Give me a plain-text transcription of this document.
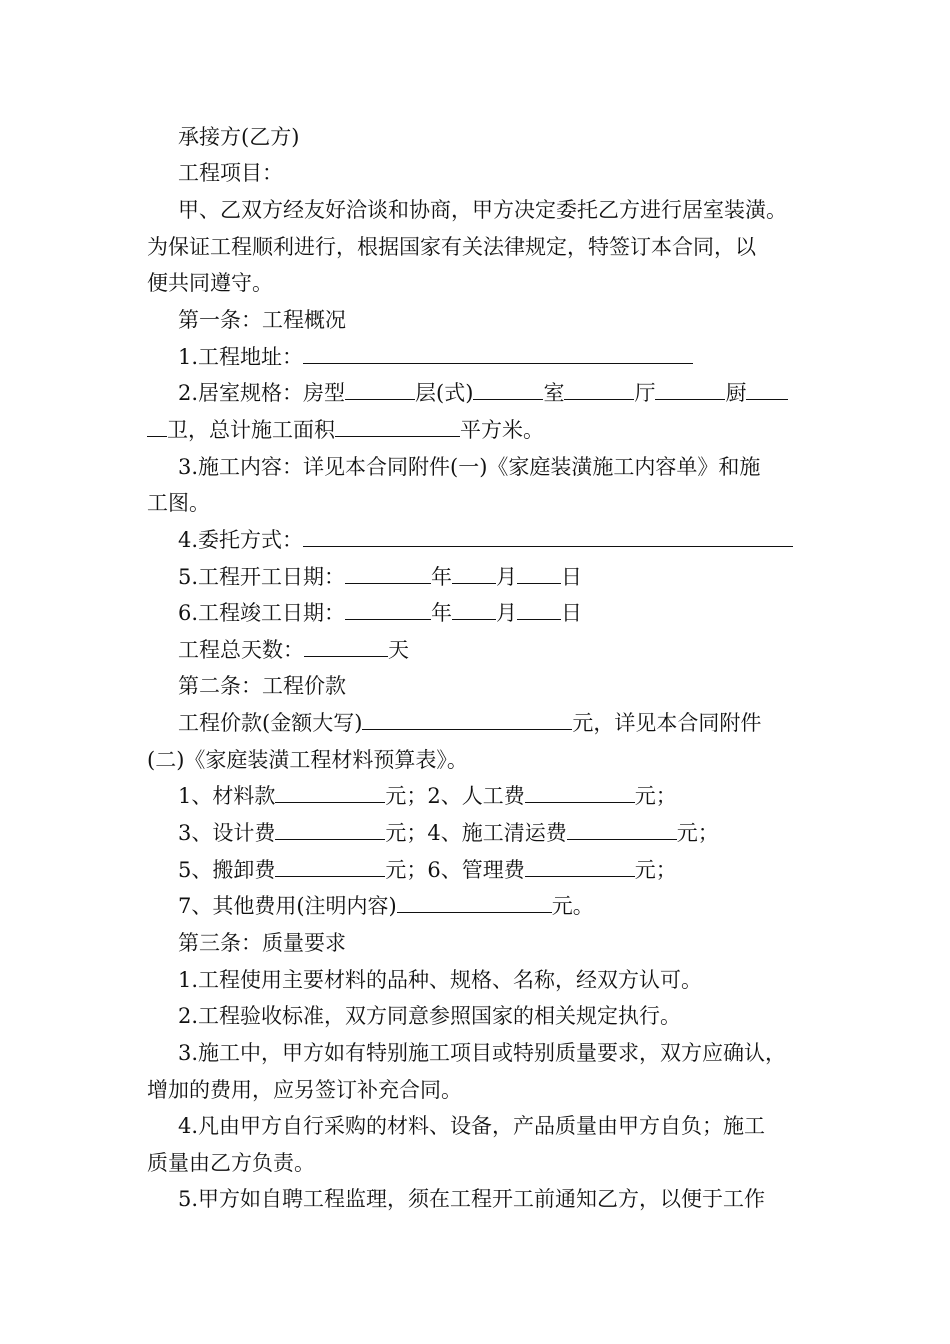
承接方(乙方)
工程项目：
甲、乙双方经友好洽谈和协商，甲方决定委托乙方进行居室装潢。
为保证工程顺利进行，根据国家有关法律规定，特签订本合同，以
便共同遵守。
第一条：工程概况
1.工程地址：
2.居室规格：房型	层(式)	室	厅	厨
卫，总计施工面积	平方米。
3.施工内容：详见本合同附件(一)《家庭装潢施工内容单》和施
工图。
4.委托方式：
5.工程开工日期：	年 月 日
6.工程竣工日期：	年 月 日
工程总天数：	天
第二条：工程价款
工程价款(金额大写)	元，详见本合同附件
(二)《家庭装潢工程材料预算表》。
1、材料款	元；2、人工费	元；
3、设计费	元；4、施工清运费	元；
5、搬卸费	元；6、管理费	元；
7、其他费用(注明内容)	元。
第三条：质量要求
1.工程使用主要材料的品种、规格、名称，经双方认可。
2.工程验收标准，双方同意参照国家的相关规定执行。
3.施工中，甲方如有特别施工项目或特别质量要求，双方应确认，
增加的费用，应另签订补充合同。
4.凡由甲方自行采购的材料、设备，产品质量由甲方自负；施工
质量由乙方负责。
5.甲方如自聘工程监理，须在工程开工前通知乙方，以便于工作
